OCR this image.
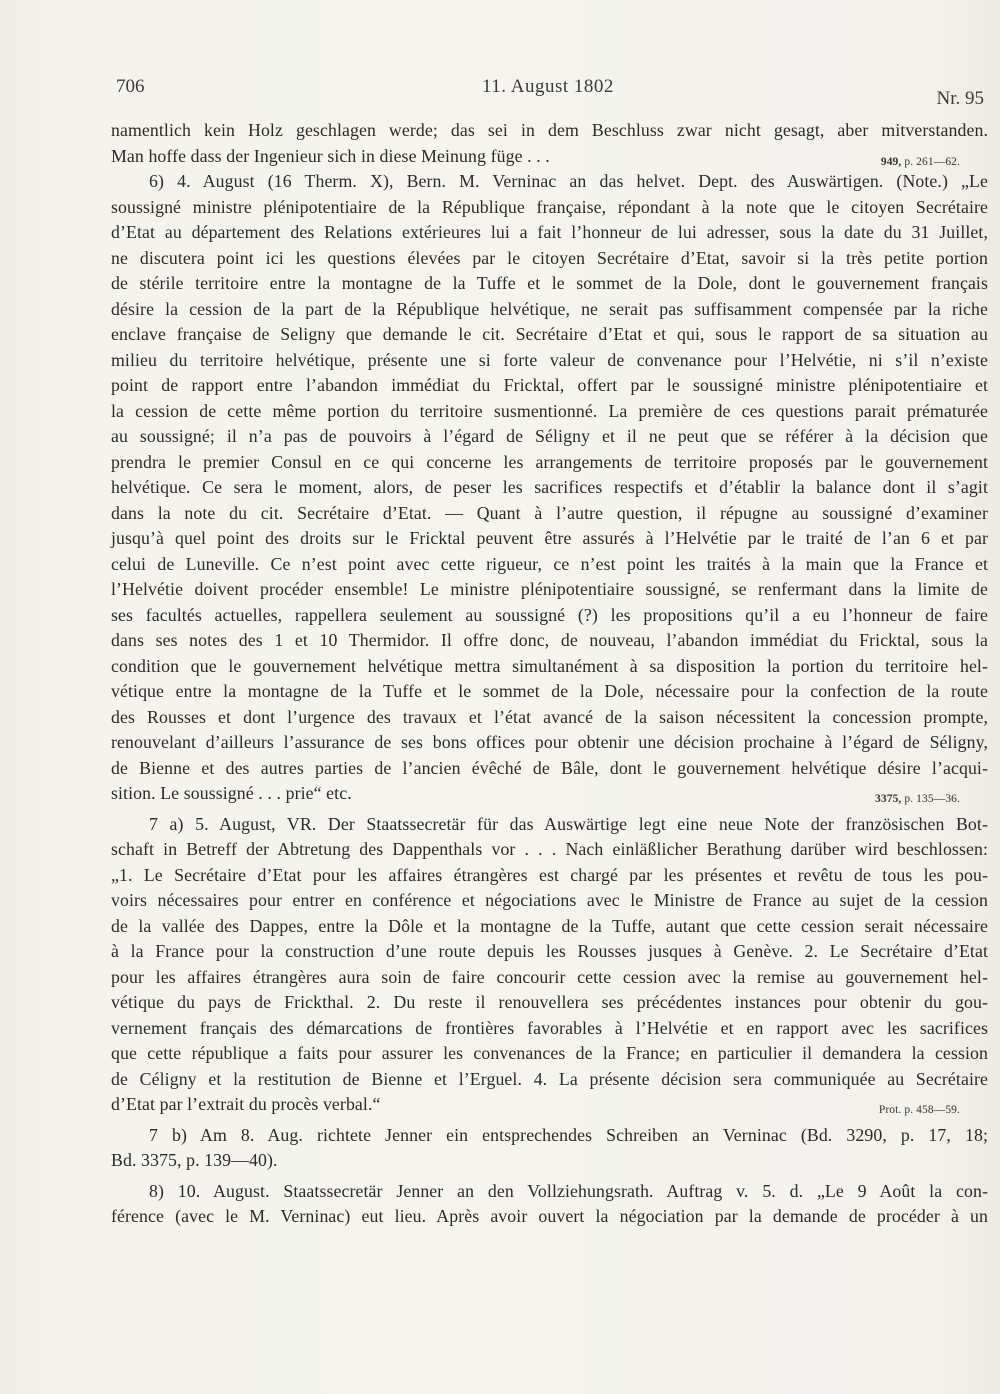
706	11. August 1802
Nr. 95
namentlich kein Holz geschlagen werde; das sei in dem Beschluss zwar nicht gesagt, aber mitverstanden.
Man hoffe dass der Ingenieur sich in diese Meinung füge . . .	949, p. 261—62.
6) 4. August (16 Therm. X), Bern. M. Verninac an das helvet. Dept. des Auswärtigen. (Note.) „Le
soussigné ministre plénipotentiaire de la République française, répondant à la note que le citoyen Secrétaire
d’Etat au département des Relations extérieures lui a fait l’honneur de lui adresser, sous la date du 31 Juillet,
ne discutera point ici les questions élevées par le citoyen Secrétaire d’Etat, savoir si la très petite portion
de stérile territoire entre la montagne de la Tuffe et le sommet de la Dole, dont le gouvernement français
désire la cession de la part de la République helvétique, ne serait pas suffisamment compensée par la riche
enclave française de Seligny que demande le cit. Secrétaire d’Etat et qui, sous le rapport de sa situation au
milieu du territoire helvétique, présente une si forte valeur de convenance pour l’Helvétie, ni s’il n’existe
point de rapport entre l’abandon immédiat du Fricktal, offert par le soussigné ministre plénipotentiaire et
la cession de cette même portion du territoire susmentionné. La première de ces questions parait prématurée
au soussigné; il n’a pas de pouvoirs à l’égard de Séligny et il ne peut que se référer à la décision que
prendra le premier Consul en ce qui concerne les arrangements de territoire proposés par le gouvernement
helvétique. Ce sera le moment, alors, de peser les sacrifices respectifs et d’établir la balance dont il s’agit
dans la note du cit. Secrétaire d’Etat. — Quant à l’autre question, il répugne au soussigné d’examiner
jusqu’à quel point des droits sur le Fricktal peuvent être assurés à l’Helvétie par le traité de l’an 6 et par
celui de Luneville. Ce n’est point avec cette rigueur, ce n’est point les traités à la main que la France et
l’Helvétie doivent procéder ensemble! Le ministre plénipotentiaire soussigné, se renfermant dans la limite de
ses facultés actuelles, rappellera seulement au soussigné (?) les propositions qu’il a eu l’honneur de faire
dans ses notes des 1 et 10 Thermidor. Il offre donc, de nouveau, l’abandon immédiat du Fricktal, sous la
condition que le gouvernement helvétique mettra simultanément à sa disposition la portion du territoire hel-
vétique entre la montagne de la Tuffe et le sommet de la Dole, nécessaire pour la confection de la route
des Rousses et dont l’urgence des travaux et l’état avancé de la saison nécessitent la concession prompte,
renouvelant d’ailleurs l’assurance de ses bons offices pour obtenir une décision prochaine à l’égard de Séligny,
de Bienne et des autres parties de l’ancien évêché de Bâle, dont le gouvernement helvétique désire l’acqui-
sition. Le soussigné . . . prie“ etc.	3375, p. 135—36.
7 a) 5. August, VR. Der Staatssecretär für das Auswärtige legt eine neue Note der französischen Bot-
schaft in Betreff der Abtretung des Dappenthals vor . . . Nach einläßlicher Berathung darüber wird beschlossen:
„1. Le Secrétaire d’Etat pour les affaires étrangères est chargé par les présentes et revêtu de tous les pou-
voirs nécessaires pour entrer en conférence et négociations avec le Ministre de France au sujet de la cession
de la vallée des Dappes, entre la Dôle et la montagne de la Tuffe, autant que cette cession serait nécessaire
à la France pour la construction d’une route depuis les Rousses jusques à Genève. 2. Le Secrétaire d’Etat
pour les affaires étrangères aura soin de faire concourir cette cession avec la remise au gouvernement hel-
vétique du pays de Frickthal. 2. Du reste il renouvellera ses précédentes instances pour obtenir du gou-
vernement français des démarcations de frontières favorables à l’Helvétie et en rapport avec les sacrifices
que cette république a faits pour assurer les convenances de la France; en particulier il demandera la cession
de Céligny et la restitution de Bienne et l’Erguel. 4. La présente décision sera communiquée au Secrétaire
d’Etat par l’extrait du procès verbal.“	Prot. p. 458—59.
7 b) Am 8. Aug. richtete Jenner ein entsprechendes Schreiben an Verninac (Bd. 3290, p. 17, 18;
Bd. 3375, p. 139—40).
8) 10. August. Staatssecretär Jenner an den Vollziehungsrath. Auftrag v. 5. d. „Le 9 Août la con-
férence (avec le M. Verninac) eut lieu. Après avoir ouvert la négociation par la demande de procéder à un
